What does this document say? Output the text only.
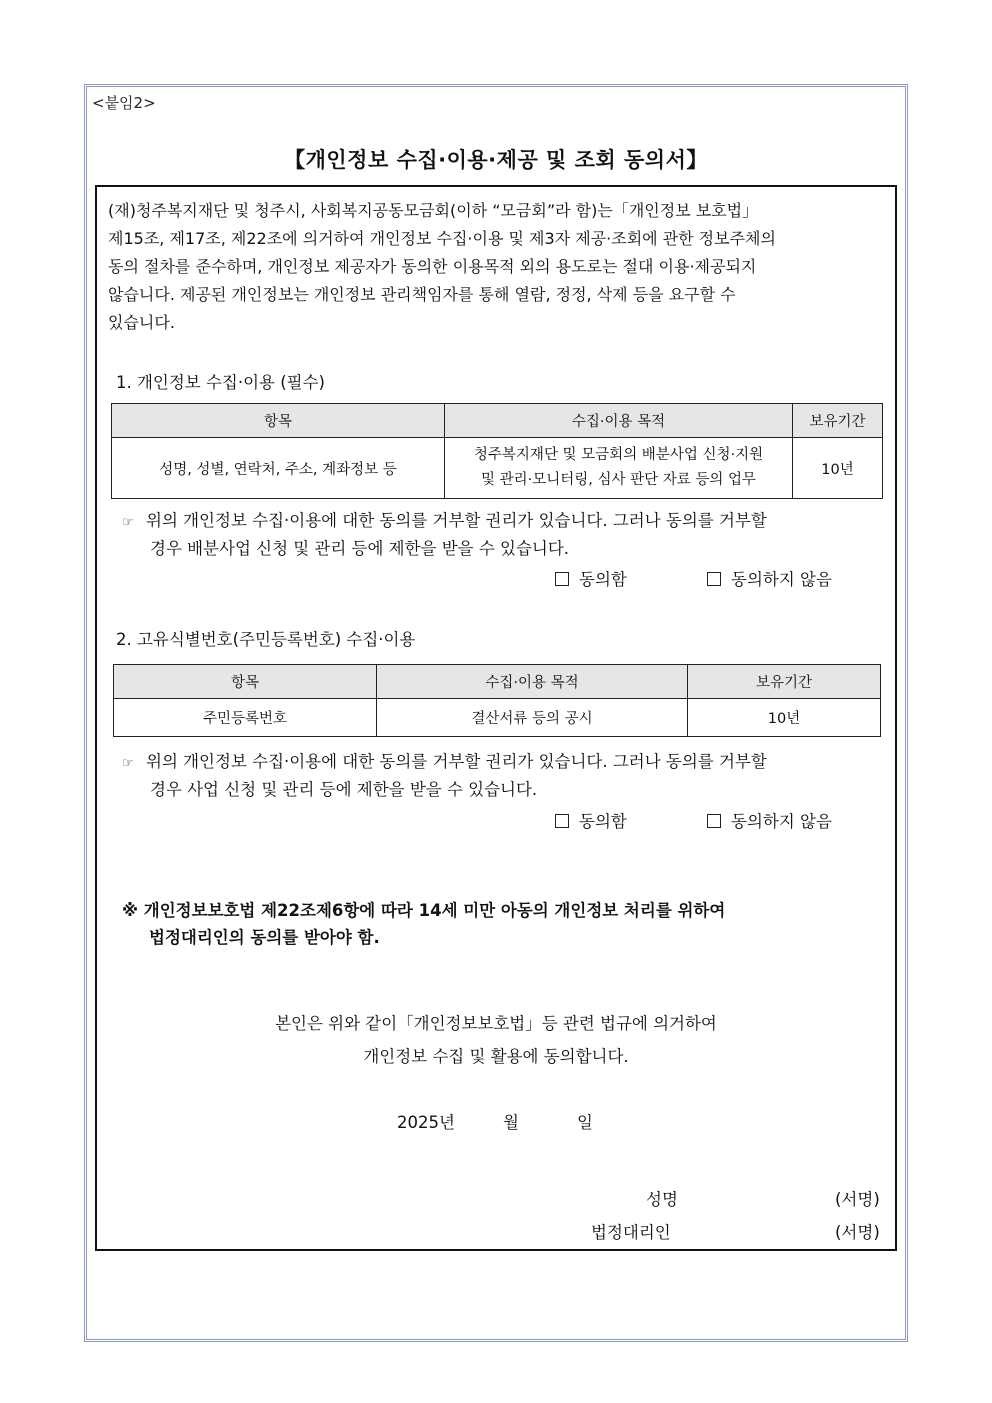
<붙임2>
【개인정보 수집·이용·제공 및 조회 동의서】

(재)청주복지재단 및 청주시, 사회복지공동모금회(이하 “모금회”라 함)는「개인정보 보호법」
제15조, 제17조, 제22조에 의거하여 개인정보 수집·이용 및 제3자 제공·조회에 관한 정보주체의
동의 절차를 준수하며, 개인정보 제공자가 동의한 이용목적 외의 용도로는 절대 이용·제공되지
않습니다. 제공된 개인정보는 개인정보 관리책임자를 통해 열람, 정정, 삭제 등을 요구할 수
있습니다.

1. 개인정보 수집·이용 (필수)
항목	수집·이용 목적	보유기간
성명, 성별, 연락처, 주소, 계좌정보 등	청주복지재단 및 모금회의 배분사업 신청·지원
및 관리·모니터링, 심사 판단 자료 등의 업무	10년
☞ 위의 개인정보 수집·이용에 대한 동의를 거부할 권리가 있습니다. 그러나 동의를 거부할
경우 배분사업 신청 및 관리 등에 제한을 받을 수 있습니다.
동의함	동의하지 않음
2. 고유식별번호(주민등록번호) 수집·이용
항목	수집·이용 목적	보유기간
주민등록번호	결산서류 등의 공시	10년
☞ 위의 개인정보 수집·이용에 대한 동의를 거부할 권리가 있습니다. 그러나 동의를 거부할
경우 사업 신청 및 관리 등에 제한을 받을 수 있습니다.
동의함	동의하지 않음
※ 개인정보보호법 제22조제6항에 따라 14세 미만 아동의 개인정보 처리를 위하여
법정대리인의 동의를 받아야 함.
본인은 위와 같이「개인정보보호법」등 관련 법규에 의거하여
개인정보 수집 및 활용에 동의합니다.
2025년	월	일
성명	(서명)
법정대리인	(서명)
